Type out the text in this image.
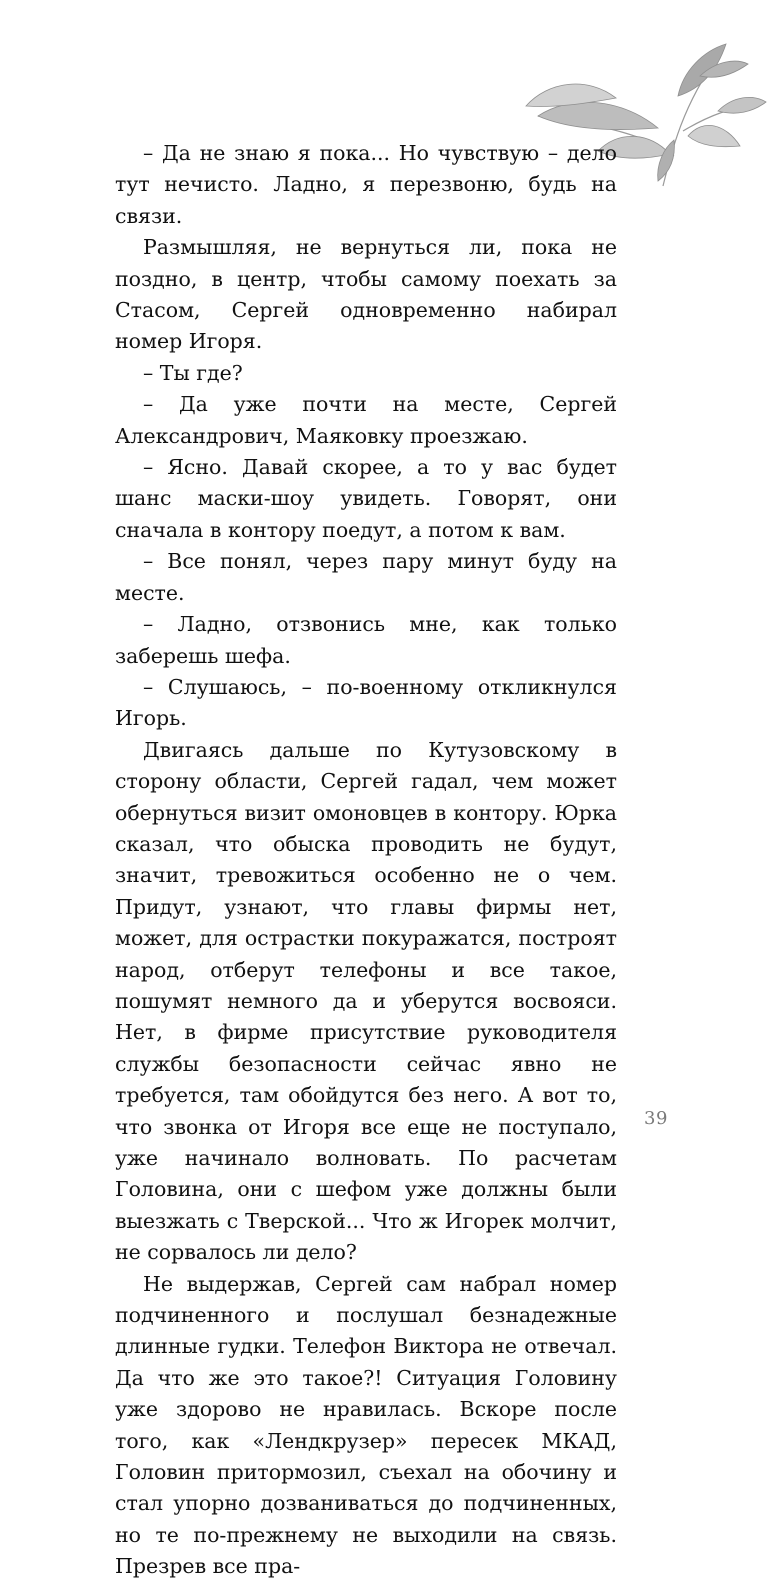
– Да не знаю я пока... Но чувствую – дело тут нечисто. Ладно, я перезвоню, будь на связи.

Размышляя, не вернуться ли, пока не поздно, в центр, чтобы самому поехать за Стасом, Сергей одновременно набирал номер Игоря.

– Ты где?

– Да уже почти на месте, Сергей Александрович, Маяковку проезжаю.

– Ясно. Давай скорее, а то у вас будет шанс маски-шоу увидеть. Говорят, они сначала в контору поедут, а потом к вам.

– Все понял, через пару минут буду на месте.

– Ладно, отзвонись мне, как только заберешь шефа.

– Слушаюсь, – по-военному откликнулся Игорь.

Двигаясь дальше по Кутузовскому в сторону области, Сергей гадал, чем может обернуться визит омоновцев в контору. Юрка сказал, что обыска проводить не будут, значит, тревожиться особенно не о чем. Придут, узнают, что главы фирмы нет, может, для острастки покуражатся, построят народ, отберут телефоны и все такое, пошумят немного да и уберутся восвояси. Нет, в фирме присутствие руководителя службы безопасности сейчас явно не требуется, там обойдутся без него. А вот то, что звонка от Игоря все еще не поступало, уже начинало волновать. По расчетам Головина, они с шефом уже должны были выезжать с Тверской... Что ж Игорек молчит, не сорвалось ли дело?

Не выдержав, Сергей сам набрал номер подчиненного и послушал безнадежные длинные гудки. Телефон Виктора не отвечал. Да что же это такое?! Ситуация Головину уже здорово не нравилась. Вскоре после того, как «Лендкрузер» пересек МКАД, Головин притормозил, съехал на обочину и стал упорно дозваниваться до подчиненных, но те по-прежнему не выходили на связь. Презрев все пра-

39
